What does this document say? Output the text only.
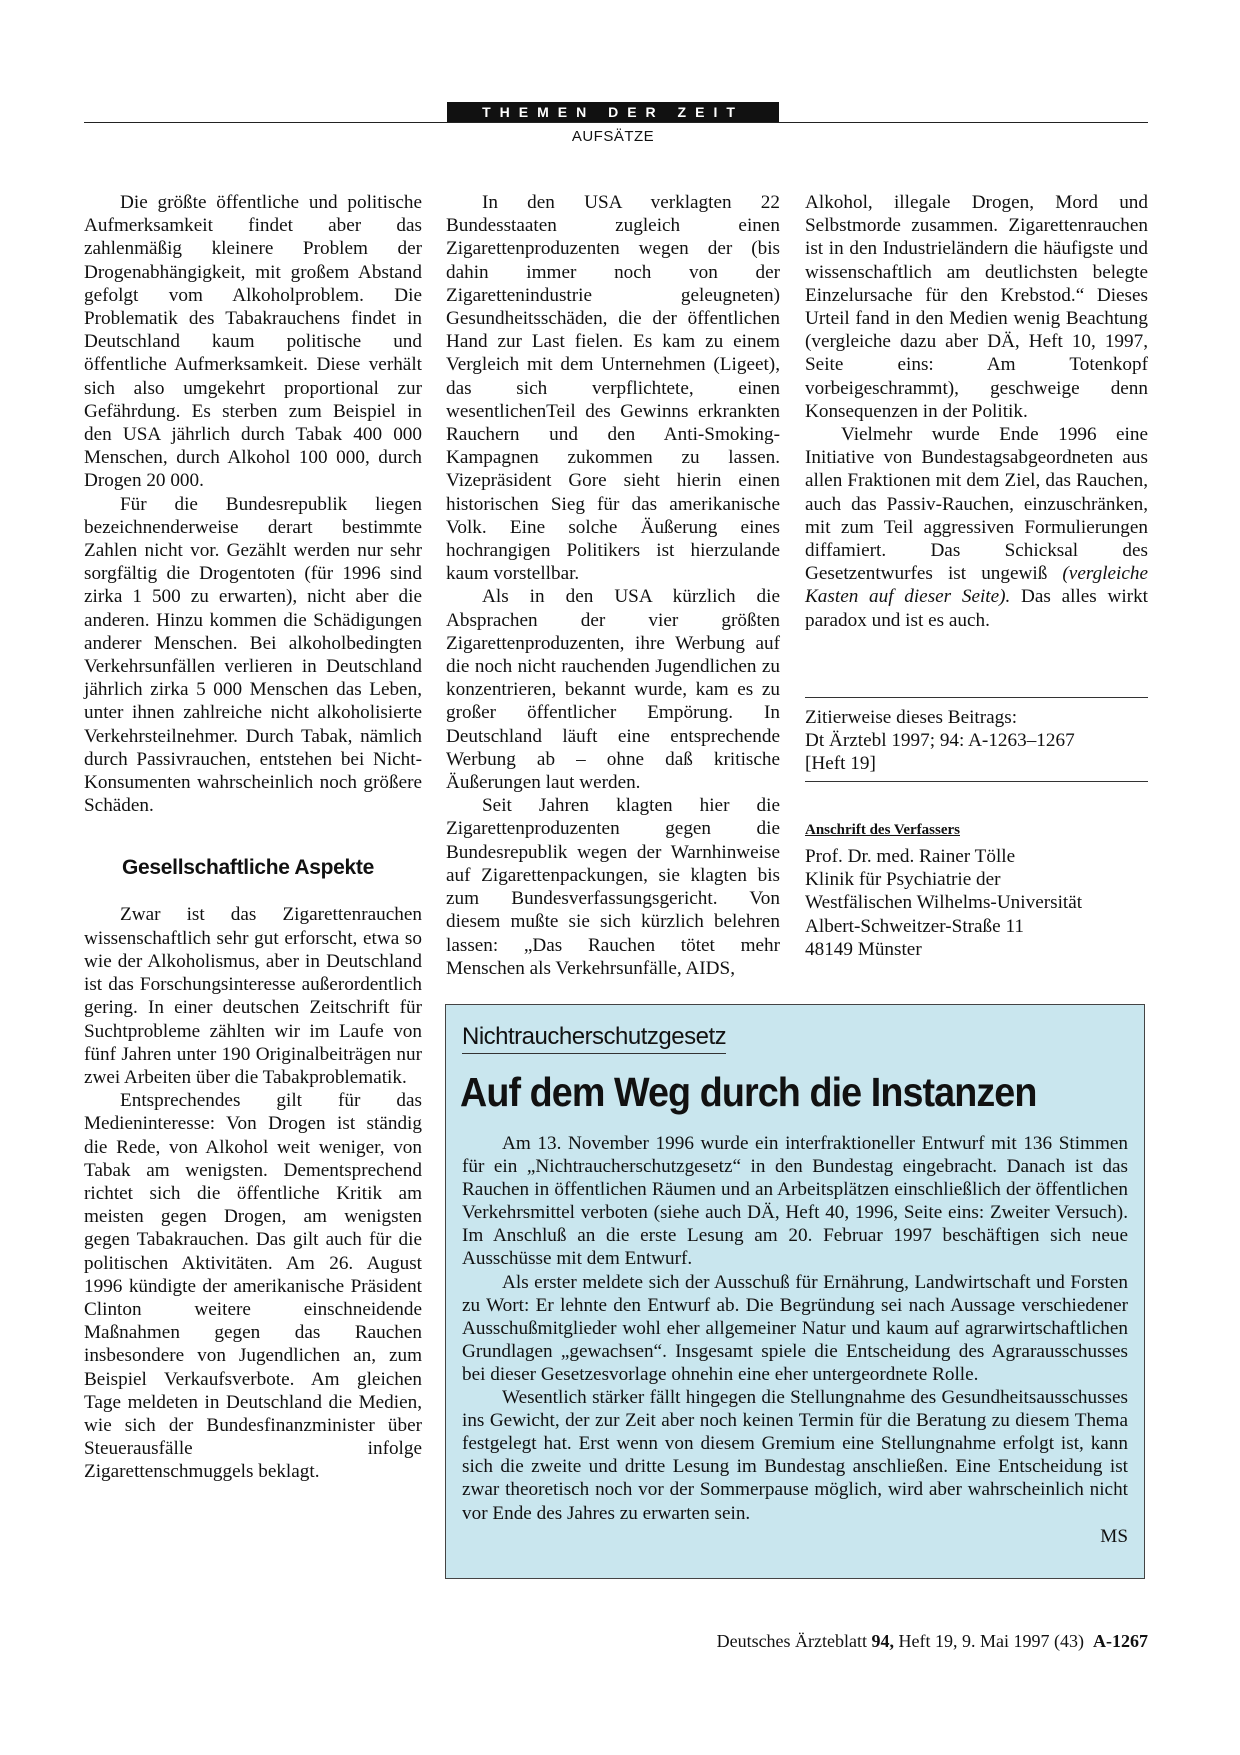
THEMEN DER ZEIT
AUFSÄTZE

Die größte öffentliche und politische Aufmerksamkeit findet aber das zahlenmäßig kleinere Problem der Drogenabhängigkeit, mit großem Abstand gefolgt vom Alkoholproblem. Die Problematik des Tabakrauchens findet in Deutschland kaum politische und öffentliche Aufmerksamkeit. Diese verhält sich also umgekehrt proportional zur Gefährdung. Es sterben zum Beispiel in den USA jährlich durch Tabak 400 000 Menschen, durch Alkohol 100 000, durch Drogen 20 000.

Für die Bundesrepublik liegen bezeichnenderweise derart bestimmte Zahlen nicht vor. Gezählt werden nur sehr sorgfältig die Drogentoten (für 1996 sind zirka 1 500 zu erwarten), nicht aber die anderen. Hinzu kommen die Schädigungen anderer Menschen. Bei alkoholbedingten Verkehrsunfällen verlieren in Deutschland jährlich zirka 5 000 Menschen das Leben, unter ihnen zahlreiche nicht alkoholisierte Verkehrsteilnehmer. Durch Tabak, nämlich durch Passivrauchen, entstehen bei Nicht-Konsumenten wahrscheinlich noch größere Schäden.

Gesellschaftliche Aspekte

Zwar ist das Zigarettenrauchen wissenschaftlich sehr gut erforscht, etwa so wie der Alkoholismus, aber in Deutschland ist das Forschungsinteresse außerordentlich gering. In einer deutschen Zeitschrift für Suchtprobleme zählten wir im Laufe von fünf Jahren unter 190 Originalbeiträgen nur zwei Arbeiten über die Tabakproblematik.

Entsprechendes gilt für das Medieninteresse: Von Drogen ist ständig die Rede, von Alkohol weit weniger, von Tabak am wenigsten. Dementsprechend richtet sich die öffentliche Kritik am meisten gegen Drogen, am wenigsten gegen Tabakrauchen. Das gilt auch für die politischen Aktivitäten. Am 26. August 1996 kündigte der amerikanische Präsident Clinton weitere einschneidende Maßnahmen gegen das Rauchen insbesondere von Jugendlichen an, zum Beispiel Verkaufsverbote. Am gleichen Tage meldeten in Deutschland die Medien, wie sich der Bundesfinanzminister über Steuerausfälle infolge Zigarettenschmuggels beklagt.

In den USA verklagten 22 Bundesstaaten zugleich einen Zigarettenproduzenten wegen der (bis dahin immer noch von der Zigarettenindustrie geleugneten) Gesundheitsschäden, die der öffentlichen Hand zur Last fielen. Es kam zu einem Vergleich mit dem Unternehmen (Ligeet), das sich verpflichtete, einen wesentlichenTeil des Gewinns erkrankten Rauchern und den Anti-Smoking-Kampagnen zukommen zu lassen. Vizepräsident Gore sieht hierin einen historischen Sieg für das amerikanische Volk. Eine solche Äußerung eines hochrangigen Politikers ist hierzulande kaum vorstellbar.

Als in den USA kürzlich die Absprachen der vier größten Zigarettenproduzenten, ihre Werbung auf die noch nicht rauchenden Jugendlichen zu konzentrieren, bekannt wurde, kam es zu großer öffentlicher Empörung. In Deutschland läuft eine entsprechende Werbung ab – ohne daß kritische Äußerungen laut werden.

Seit Jahren klagten hier die Zigarettenproduzenten gegen die Bundesrepublik wegen der Warnhinweise auf Zigarettenpackungen, sie klagten bis zum Bundesverfassungsgericht. Von diesem mußte sie sich kürzlich belehren lassen: „Das Rauchen tötet mehr Menschen als Verkehrsunfälle, AIDS,

Alkohol, illegale Drogen, Mord und Selbstmorde zusammen. Zigarettenrauchen ist in den Industrieländern die häufigste und wissenschaftlich am deutlichsten belegte Einzelursache für den Krebstod.“ Dieses Urteil fand in den Medien wenig Beachtung (vergleiche dazu aber DÄ, Heft 10, 1997, Seite eins: Am Totenkopf vorbeigeschrammt), geschweige denn Konsequenzen in der Politik.

Vielmehr wurde Ende 1996 eine Initiative von Bundestagsabgeordneten aus allen Fraktionen mit dem Ziel, das Rauchen, auch das Passiv-Rauchen, einzuschränken, mit zum Teil aggressiven Formulierungen diffamiert. Das Schicksal des Gesetzentwurfes ist ungewiß (vergleiche Kasten auf dieser Seite). Das alles wirkt paradox und ist es auch.

Zitierweise dieses Beitrags:
Dt Ärztebl 1997; 94: A-1263–1267
[Heft 19]
Anschrift des Verfassers
Prof. Dr. med. Rainer Tölle
Klinik für Psychiatrie der
Westfälischen Wilhelms-Universität
Albert-Schweitzer-Straße 11
48149 Münster
Nichtraucherschutzgesetz
Auf dem Weg durch die Instanzen

Am 13. November 1996 wurde ein interfraktioneller Entwurf mit 136 Stimmen für ein „Nichtraucherschutzgesetz“ in den Bundestag eingebracht. Danach ist das Rauchen in öffentlichen Räumen und an Arbeitsplätzen einschließlich der öffentlichen Verkehrsmittel verboten (siehe auch DÄ, Heft 40, 1996, Seite eins: Zweiter Versuch). Im Anschluß an die erste Lesung am 20. Februar 1997 beschäftigen sich neue Ausschüsse mit dem Entwurf.

Als erster meldete sich der Ausschuß für Ernährung, Landwirtschaft und Forsten zu Wort: Er lehnte den Entwurf ab. Die Begründung sei nach Aussage verschiedener Ausschußmitglieder wohl eher allgemeiner Natur und kaum auf agrarwirtschaftlichen Grundlagen „gewachsen“. Insgesamt spiele die Entscheidung des Agrarausschusses bei dieser Gesetzesvorlage ohnehin eine eher untergeordnete Rolle.

Wesentlich stärker fällt hingegen die Stellungnahme des Gesundheitsausschusses ins Gewicht, der zur Zeit aber noch keinen Termin für die Beratung zu diesem Thema festgelegt hat. Erst wenn von diesem Gremium eine Stellungnahme erfolgt ist, kann sich die zweite und dritte Lesung im Bundestag anschließen. Eine Entscheidung ist zwar theoretisch noch vor der Sommerpause möglich, wird aber wahrscheinlich nicht vor Ende des Jahres zu erwarten sein.

MS
Deutsches Ärzteblatt 94, Heft 19, 9. Mai 1997 (43) A-1267
